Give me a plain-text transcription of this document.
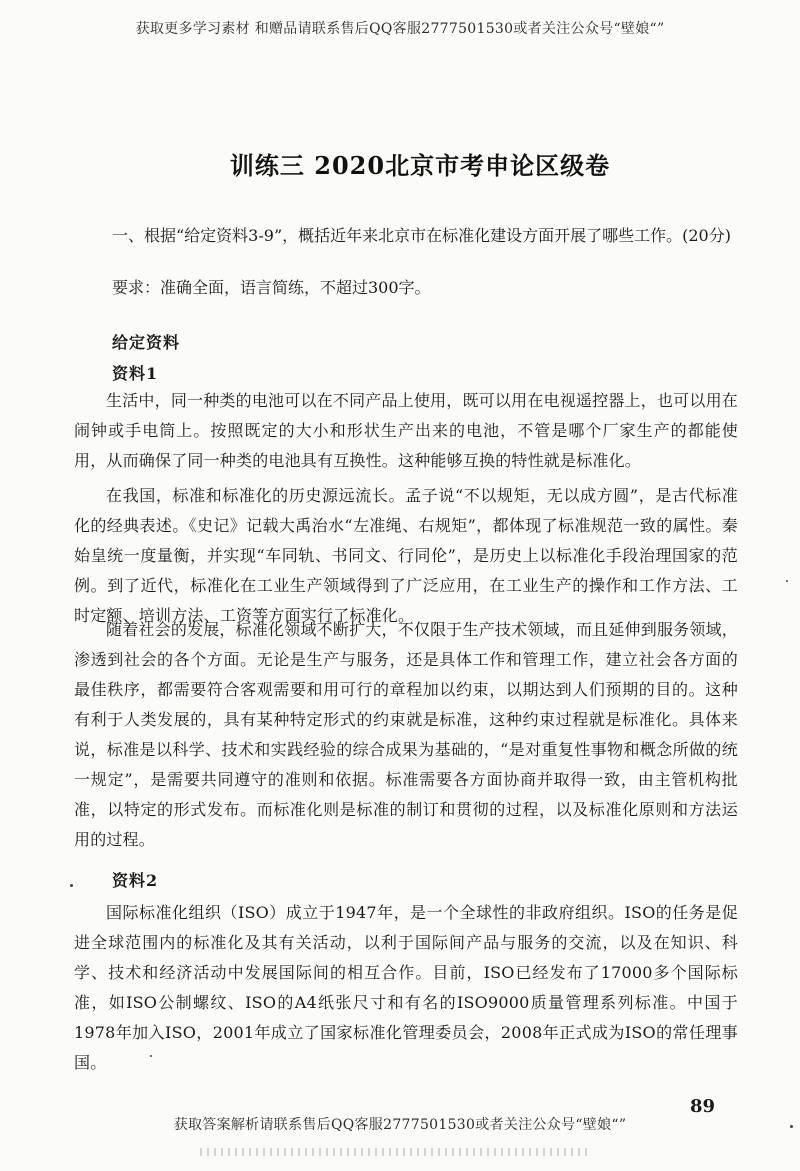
获取更多学习素材 和赠品请联系售后QQ客服2777501530或者关注公众号“壁娘“”
训练三 2020北京市考申论区级卷
一、根据“给定资料3-9”，概括近年来北京市在标准化建设方面开展了哪些工作。(20分)
要求：准确全面，语言简练，不超过300字。
给定资料
资料1
生活中，同一种类的电池可以在不同产品上使用，既可以用在电视遥控器上，也可以用在闹钟或手电筒上。按照既定的大小和形状生产出来的电池，不管是哪个厂家生产的都能使用，从而确保了同一种类的电池具有互换性。这种能够互换的特性就是标准化。
在我国，标准和标准化的历史源远流长。孟子说“不以规矩，无以成方圆”，是古代标准化的经典表述。《史记》记载大禹治水“左准绳、右规矩”，都体现了标准规范一致的属性。秦始皇统一度量衡，并实现“车同轨、书同文、行同伦”，是历史上以标准化手段治理国家的范例。到了近代，标准化在工业生产领域得到了广泛应用，在工业生产的操作和工作方法、工时定额、培训方法、工资等方面实行了标准化。
随着社会的发展，标准化领域不断扩大，不仅限于生产技术领域，而且延伸到服务领域，渗透到社会的各个方面。无论是生产与服务，还是具体工作和管理工作，建立社会各方面的最佳秩序，都需要符合客观需要和用可行的章程加以约束，以期达到人们预期的目的。这种有利于人类发展的，具有某种特定形式的约束就是标准，这种约束过程就是标准化。具体来说，标准是以科学、技术和实践经验的综合成果为基础的，“是对重复性事物和概念所做的统一规定”，是需要共同遵守的准则和依据。标准需要各方面协商并取得一致，由主管机构批准，以特定的形式发布。而标准化则是标准的制订和贯彻的过程，以及标准化原则和方法运用的过程。
资料2
国际标准化组织（ISO）成立于1947年，是一个全球性的非政府组织。ISO的任务是促进全球范围内的标准化及其有关活动，以利于国际间产品与服务的交流，以及在知识、科学、技术和经济活动中发展国际间的相互合作。目前，ISO已经发布了17000多个国际标准，如ISO公制螺纹、ISO的A4纸张尺寸和有名的ISO9000质量管理系列标准。中国于1978年加入ISO，2001年成立了国家标准化管理委员会，2008年正式成为ISO的常任理事国。
89
获取答案解析请联系售后QQ客服2777501530或者关注公众号“壁娘“”
